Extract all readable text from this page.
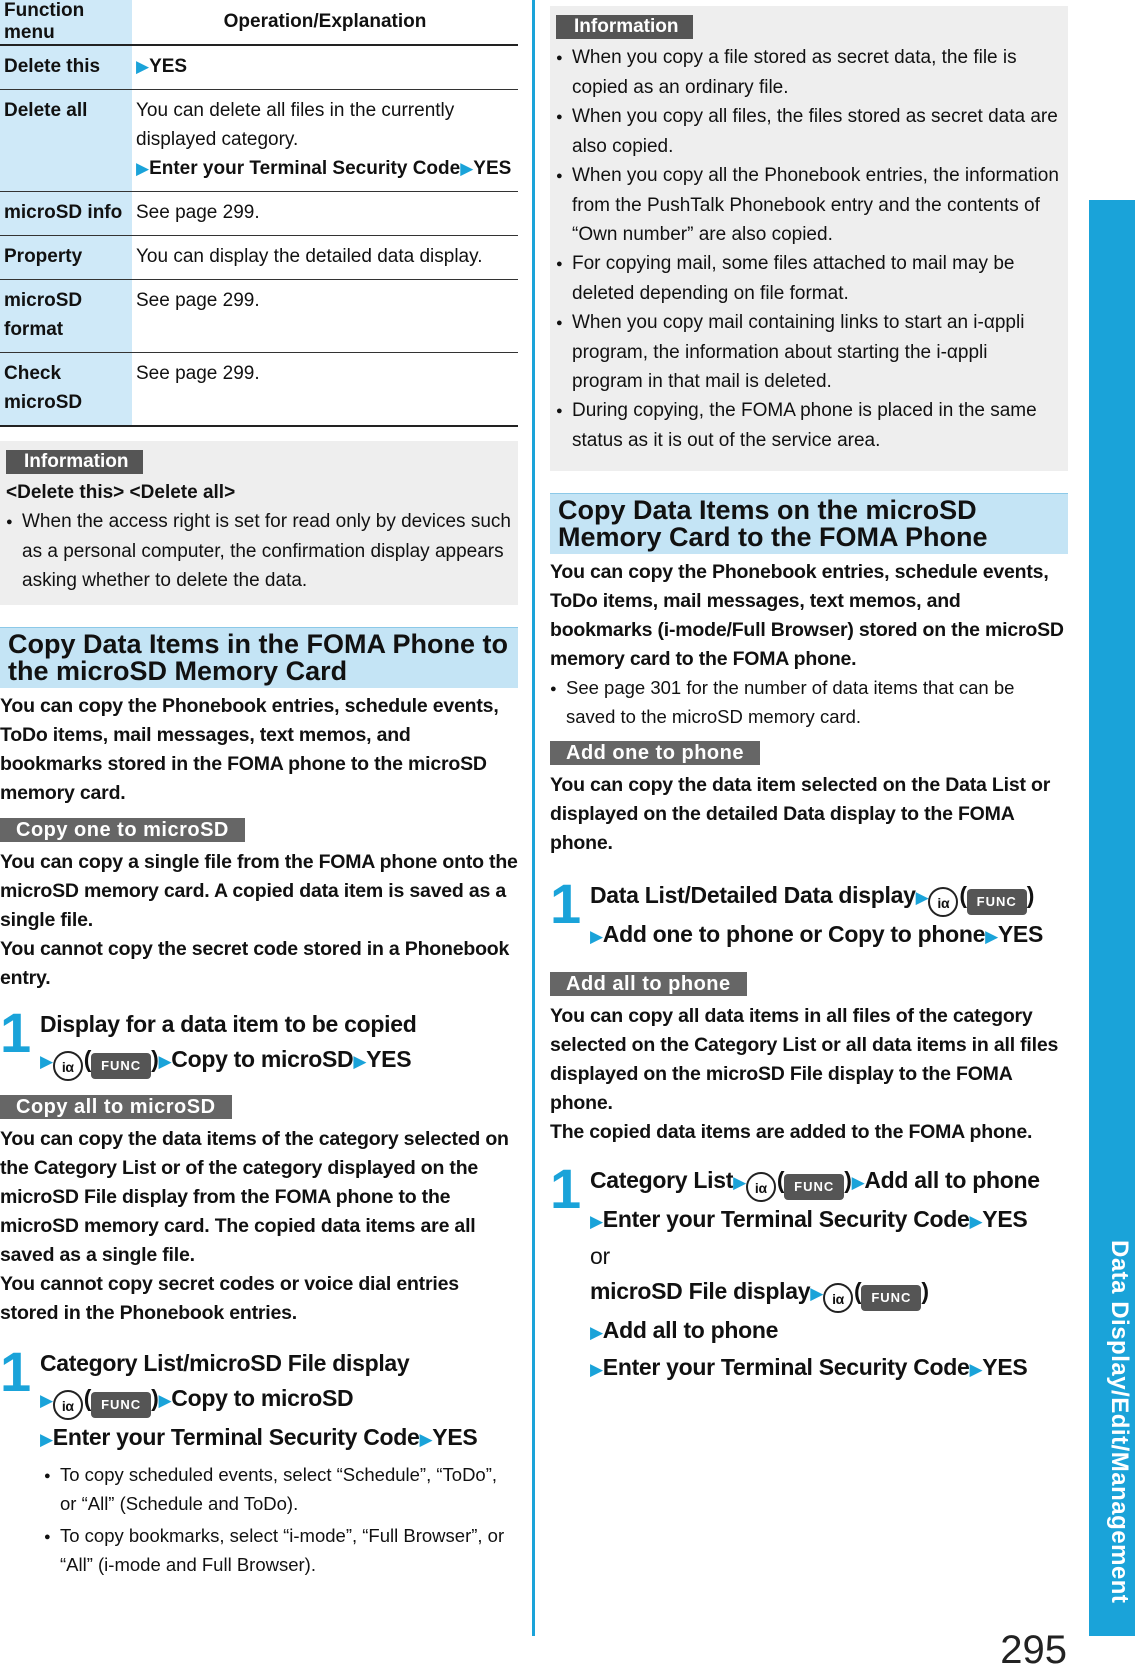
Function menu	Operation/Explanation
Delete this	▶YES
Delete all	You can delete all files in the currently displayed category.
▶Enter your Terminal Security Code▶YES

microSD info	See page 299.
Property	You can display the detailed data display.
microSD format	See page 299.
Check microSD	See page 299.
Information
<Delete this> <Delete all>
● When the access right is set for read only by devices such as a personal computer, the confirmation display appears asking whether to delete the data.
Copy Data Items in the FOMA Phone to the microSD Memory Card
You can copy the Phonebook entries, schedule events, ToDo items, mail messages, text memos, and bookmarks stored in the FOMA phone to the microSD memory card.
Copy one to microSD
You can copy a single file from the FOMA phone onto the microSD memory card. A copied data item is saved as a single file.
You cannot copy the secret code stored in a Phonebook entry.
1 Display for a data item to be copied
▶ iα ( FUNC )▶Copy to microSD▶YES
Copy all to microSD
You can copy the data items of the category selected on the Category List or of the category displayed on the microSD File display from the FOMA phone to the microSD memory card. The copied data items are all saved as a single file.
You cannot copy secret codes or voice dial entries stored in the Phonebook entries.
1 Category List/microSD File display
▶ iα ( FUNC )▶Copy to microSD
▶Enter your Terminal Security Code▶YES
● To copy scheduled events, select “Schedule”, “ToDo”, or “All” (Schedule and ToDo).
● To copy bookmarks, select “i-mode”, “Full Browser”, or “All” (i-mode and Full Browser).
Information
● When you copy a file stored as secret data, the file is copied as an ordinary file.
● When you copy all files, the files stored as secret data are also copied.
● When you copy all the Phonebook entries, the information from the PushTalk Phonebook entry and the contents of “Own number” are also copied.
● For copying mail, some files attached to mail may be deleted depending on file format.
● When you copy mail containing links to start an i-αppli program, the information about starting the i-αppli program in that mail is deleted.
● During copying, the FOMA phone is placed in the same status as it is out of the service area.
Copy Data Items on the microSD Memory Card to the FOMA Phone
You can copy the Phonebook entries, schedule events, ToDo items, mail messages, text memos, and bookmarks (i-mode/Full Browser) stored on the microSD memory card to the FOMA phone.
● See page 301 for the number of data items that can be saved to the microSD memory card.
Add one to phone
You can copy the data item selected on the Data List or displayed on the detailed Data display to the FOMA phone.
1 Data List/Detailed Data display▶ iα ( FUNC )
▶Add one to phone or Copy to phone▶YES
Add all to phone
You can copy all data items in all files of the category selected on the Category List or all data items in all files displayed on the microSD File display to the FOMA phone.
The copied data items are added to the FOMA phone.
1 Category List▶ iα ( FUNC )▶Add all to phone
▶Enter your Terminal Security Code▶YES
or
microSD File display▶ iα ( FUNC )
▶Add all to phone
▶Enter your Terminal Security Code▶YES	Data Display/Edit/Management
295
